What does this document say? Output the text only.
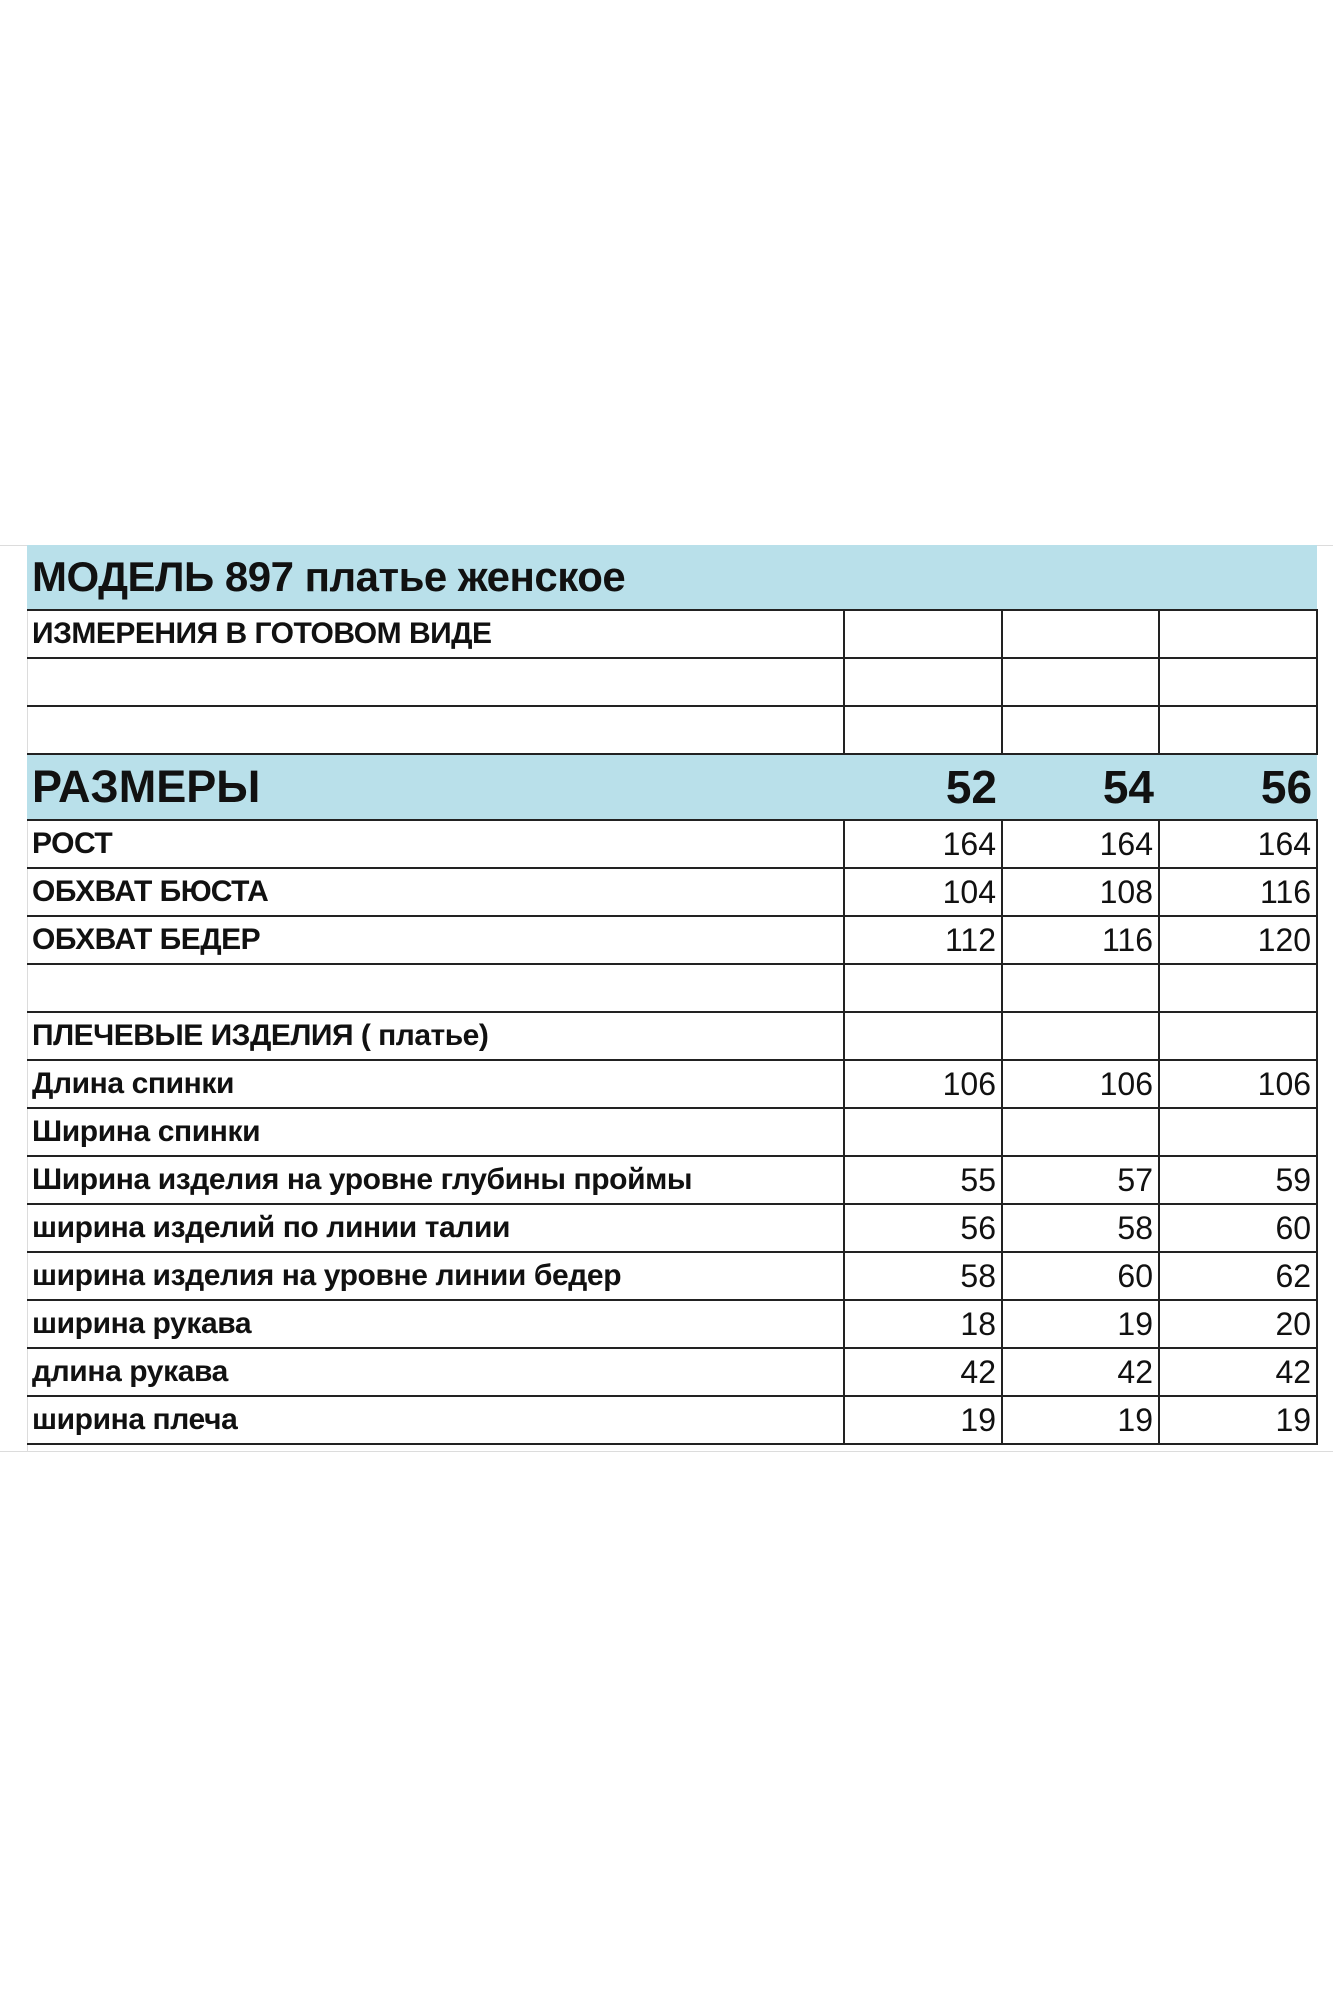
МОДЕЛЬ 897 платье женское			
ИЗМЕРЕНИЯ В ГОТОВОМ ВИДЕ			

РАЗМЕРЫ	52	54	56
РОСТ	164	164	164
ОБХВАТ БЮСТА	104	108	116
ОБХВАТ БЕДЕР	112	116	120

ПЛЕЧЕВЫЕ ИЗДЕЛИЯ ( платье)			
Длина спинки	106	106	106
Ширина спинки			
Ширина изделия на уровне глубины проймы	55	57	59
ширина изделий по линии талии	56	58	60
ширина изделия на уровне линии бедер	58	60	62
ширина рукава	18	19	20
длина рукава	42	42	42
ширина плеча	19	19	19
